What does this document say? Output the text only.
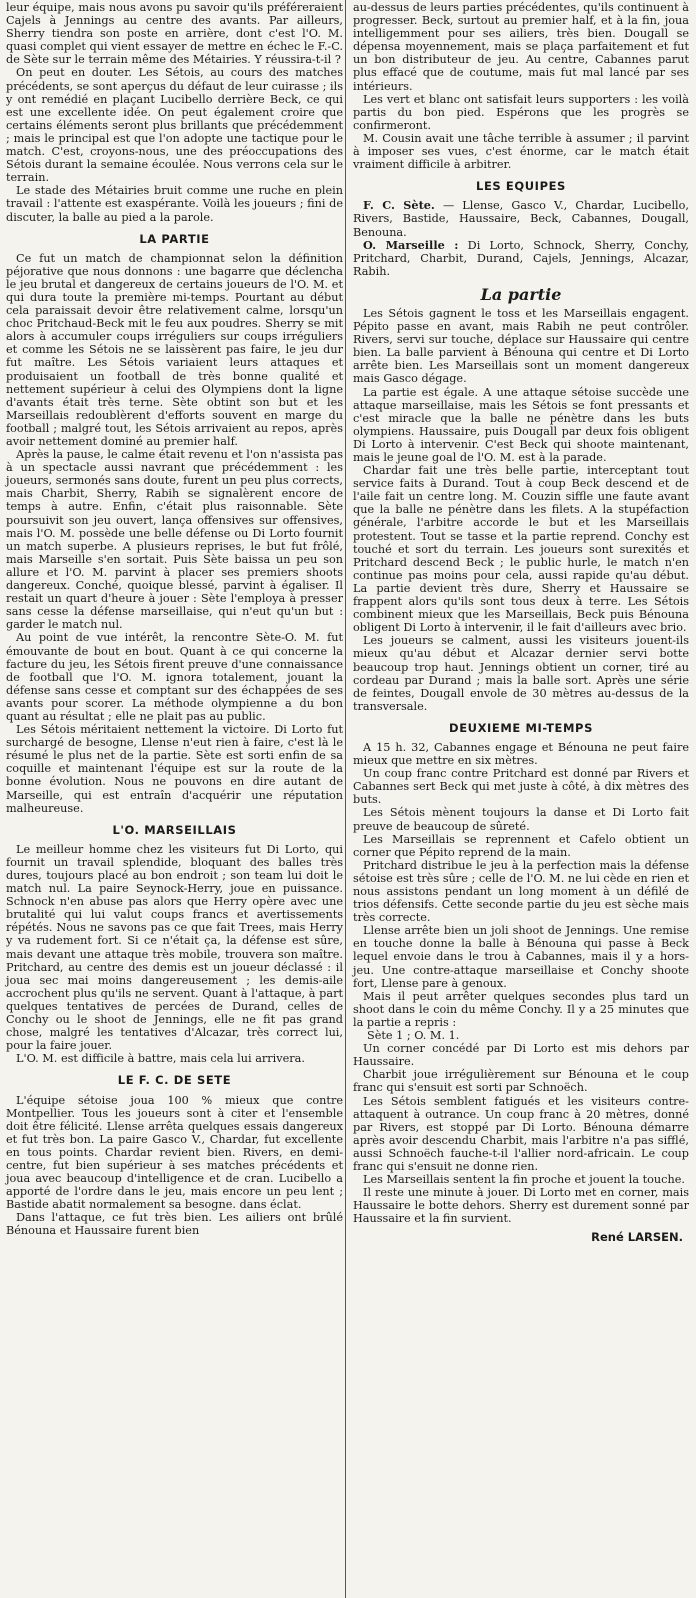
leur équipe, mais nous avons pu savoir qu'ils préféreraient Cajels à Jennings au centre des avants. Par ailleurs, Sherry tiendra son poste en arrière, dont c'est l'O. M. quasi complet qui vient essayer de mettre en échec le F.-C. de Sète sur le terrain même des Métairies. Y réussira-t-il ?

On peut en douter. Les Sétois, au cours des matches précédents, se sont aperçus du défaut de leur cuirasse ; ils y ont remédié en plaçant Lucibello derrière Beck, ce qui est une excellente idée. On peut également croire que certains éléments seront plus brillants que précédemment ; mais le principal est que l'on adopte une tactique pour le match. C'est, croyons-nous, une des préoccupations des Sétois durant la semaine écoulée. Nous verrons cela sur le terrain.

Le stade des Métairies bruit comme une ruche en plein travail : l'attente est exaspérante. Voilà les joueurs ; fini de discuter, la balle au pied a la parole.

LA PARTIE

Ce fut un match de championnat selon la définition péjorative que nous donnons : une bagarre que déclencha le jeu brutal et dangereux de certains joueurs de l'O. M. et qui dura toute la première mi-temps. Pourtant au début cela paraissait devoir être relativement calme, lorsqu'un choc Pritchaud-Beck mit le feu aux poudres. Sherry se mit alors à accumuler coups irréguliers sur coups irréguliers et comme les Sétois ne se laissèrent pas faire, le jeu dur fut maître. Les Sétois variaient leurs attaques et produisaient un football de très bonne qualité et nettement supérieur à celui des Olympiens dont la ligne d'avants était très terne. Sète obtint son but et les Marseillais redoublèrent d'efforts souvent en marge du football ; malgré tout, les Sétois arrivaient au repos, après avoir nettement dominé au premier half.

Après la pause, le calme était revenu et l'on n'assista pas à un spectacle aussi navrant que précédemment : les joueurs, sermonés sans doute, furent un peu plus corrects, mais Charbit, Sherry, Rabih se signalèrent encore de temps à autre. Enfin, c'était plus raisonnable. Sète poursuivit son jeu ouvert, lança offensives sur offensives, mais l'O. M. possède une belle défense ou Di Lorto fournit un match superbe. A plusieurs reprises, le but fut frôlé, mais Marseille s'en sortait. Puis Sète baissa un peu son allure et l'O. M. parvint à placer ses premiers shoots dangereux. Conché, quoique blessé, parvint à égaliser. Il restait un quart d'heure à jouer : Sète l'employa à presser sans cesse la défense marseillaise, qui n'eut qu'un but : garder le match nul.

Au point de vue intérêt, la rencontre Sète-O. M. fut émouvante de bout en bout. Quant à ce qui concerne la facture du jeu, les Sétois firent preuve d'une connaissance de football que l'O. M. ignora totalement, jouant la défense sans cesse et comptant sur des échappées de ses avants pour scorer. La méthode olympienne a du bon quant au résultat ; elle ne plait pas au public.

Les Sétois méritaient nettement la victoire. Di Lorto fut surchargé de besogne, Llense n'eut rien à faire, c'est là le résumé le plus net de la partie. Sète est sorti enfin de sa coquille et maintenant l'équipe est sur la route de la bonne évolution. Nous ne pouvons en dire autant de Marseille, qui est entraîn d'acquérir une réputation malheureuse.

L'O. MARSEILLAIS

Le meilleur homme chez les visiteurs fut Di Lorto, qui fournit un travail splendide, bloquant des balles très dures, toujours placé au bon endroit ; son team lui doit le match nul. La paire Seynock-Herry, joue en puissance. Schnock n'en abuse pas alors que Herry opère avec une brutalité qui lui valut coups francs et avertissements répétés. Nous ne savons pas ce que fait Trees, mais Herry y va rudement fort. Si ce n'était ça, la défense est sûre, mais devant une attaque très mobile, trouvera son maître. Pritchard, au centre des demis est un joueur déclassé : il joua sec mai moins dangereusement ; les demis-aile accrochent plus qu'ils ne servent. Quant à l'attaque, à part quelques tentatives de percées de Durand, celles de Conchy ou le shoot de Jennings, elle ne fit pas grand chose, malgré les tentatives d'Alcazar, très correct lui, pour la faire jouer.

L'O. M. est difficile à battre, mais cela lui arrivera.

LE F. C. DE SETE

L'équipe sétoise joua 100 % mieux que contre Montpellier. Tous les joueurs sont à citer et l'ensemble doit être félicité. Llense arrêta quelques essais dangereux et fut très bon. La paire Gasco V., Chardar, fut excellente en tous points. Chardar revient bien. Rivers, en demi-centre, fut bien supérieur à ses matches précédents et joua avec beaucoup d'intelligence et de cran. Lucibello a apporté de l'ordre dans le jeu, mais encore un peu lent ; Bastide abatit normalement sa besogne. dans éclat.

Dans l'attaque, ce fut très bien. Les ailiers ont brûlé Bénouna et Haussaire furent bien

au-dessus de leurs parties précédentes, qu'ils continuent à progresser. Beck, surtout au premier half, et à la fin, joua intelligemment pour ses ailiers, très bien. Dougall se dépensa moyennement, mais se plaça parfaitement et fut un bon distributeur de jeu. Au centre, Cabannes parut plus effacé que de coutume, mais fut mal lancé par ses intérieurs.

Les vert et blanc ont satisfait leurs supporters : les voilà partis du bon pied. Espérons que les progrès se confirmeront.

M. Cousin avait une tâche terrible à assumer ; il parvint à imposer ses vues, c'est énorme, car le match était vraiment difficile à arbitrer.

LES EQUIPES

F. C. Sète. — Llense, Gasco V., Chardar, Lucibello, Rivers, Bastide, Haussaire, Beck, Cabannes, Dougall, Benouna.

O. Marseille : Di Lorto, Schnock, Sherry, Conchy, Pritchard, Charbit, Durand, Cajels, Jennings, Alcazar, Rabih.

La partie

Les Sétois gagnent le toss et les Marseillais engagent. Pépito passe en avant, mais Rabih ne peut contrôler. Rivers, servi sur touche, déplace sur Haussaire qui centre bien. La balle parvient à Bénouna qui centre et Di Lorto arrête bien. Les Marseillais sont un moment dangereux mais Gasco dégage.

La partie est égale. A une attaque sétoise succède une attaque marseillaise, mais les Sétois se font pressants et c'est miracle que la balle ne pénètre dans les buts olympiens. Haussaire, puis Dougall par deux fois obligent Di Lorto à intervenir. C'est Beck qui shoote maintenant, mais le jeune goal de l'O. M. est à la parade.

Chardar fait une très belle partie, interceptant tout service faits à Durand. Tout à coup Beck descend et de l'aile fait un centre long. M. Couzin siffle une faute avant que la balle ne pénètre dans les filets. A la stupéfaction générale, l'arbitre accorde le but et les Marseillais protestent. Tout se tasse et la partie reprend. Conchy est touché et sort du terrain. Les joueurs sont surexités et Pritchard descend Beck ; le public hurle, le match n'en continue pas moins pour cela, aussi rapide qu'au début. La partie devient très dure, Sherry et Haussaire se frappent alors qu'ils sont tous deux à terre. Les Sétois combinent mieux que les Marseillais, Beck puis Bénouna obligent Di Lorto à intervenir, il le fait d'ailleurs avec brio.

Les joueurs se calment, aussi les visiteurs jouent-ils mieux qu'au début et Alcazar dernier servi botte beaucoup trop haut. Jennings obtient un corner, tiré au cordeau par Durand ; mais la balle sort. Après une série de feintes, Dougall envole de 30 mètres au-dessus de la transversale.

DEUXIEME MI-TEMPS

A 15 h. 32, Cabannes engage et Bénouna ne peut faire mieux que mettre en six mètres.

Un coup franc contre Pritchard est donné par Rivers et Cabannes sert Beck qui met juste à côté, à dix mètres des buts.

Les Sétois mènent toujours la danse et Di Lorto fait preuve de beaucoup de sûreté.

Les Marseillais se reprennent et Cafelo obtient un corner que Pépito reprend de la main.

Pritchard distribue le jeu à la perfection mais la défense sétoise est très sûre ; celle de l'O. M. ne lui cède en rien et nous assistons pendant un long moment à un défilé de trios défensifs. Cette seconde partie du jeu est sèche mais très correcte.

Llense arrête bien un joli shoot de Jennings. Une remise en touche donne la balle à Bénouna qui passe à Beck lequel envoie dans le trou à Cabannes, mais il y a hors-jeu. Une contre-attaque marseillaise et Conchy shoote fort, Llense pare à genoux.

Mais il peut arrêter quelques secondes plus tard un shoot dans le coin du même Conchy. Il y a 25 minutes que la partie a repris :

Sète 1 ; O. M. 1.

Un corner concédé par Di Lorto est mis dehors par Haussaire.

Charbit joue irrégulièrement sur Bénouna et le coup franc qui s'ensuit est sorti par Schnoëch.

Les Sétois semblent fatigués et les visiteurs contre-attaquent à outrance. Un coup franc à 20 mètres, donné par Rivers, est stoppé par Di Lorto. Bénouna démarre après avoir descendu Charbit, mais l'arbitre n'a pas sifflé, aussi Schnoëch fauche-t-il l'allier nord-africain. Le coup franc qui s'ensuit ne donne rien.

Les Marseillais sentent la fin proche et jouent la touche.

Il reste une minute à jouer. Di Lorto met en corner, mais Haussaire le botte dehors. Sherry est durement sonné par Haussaire et la fin survient.

René LARSEN.
